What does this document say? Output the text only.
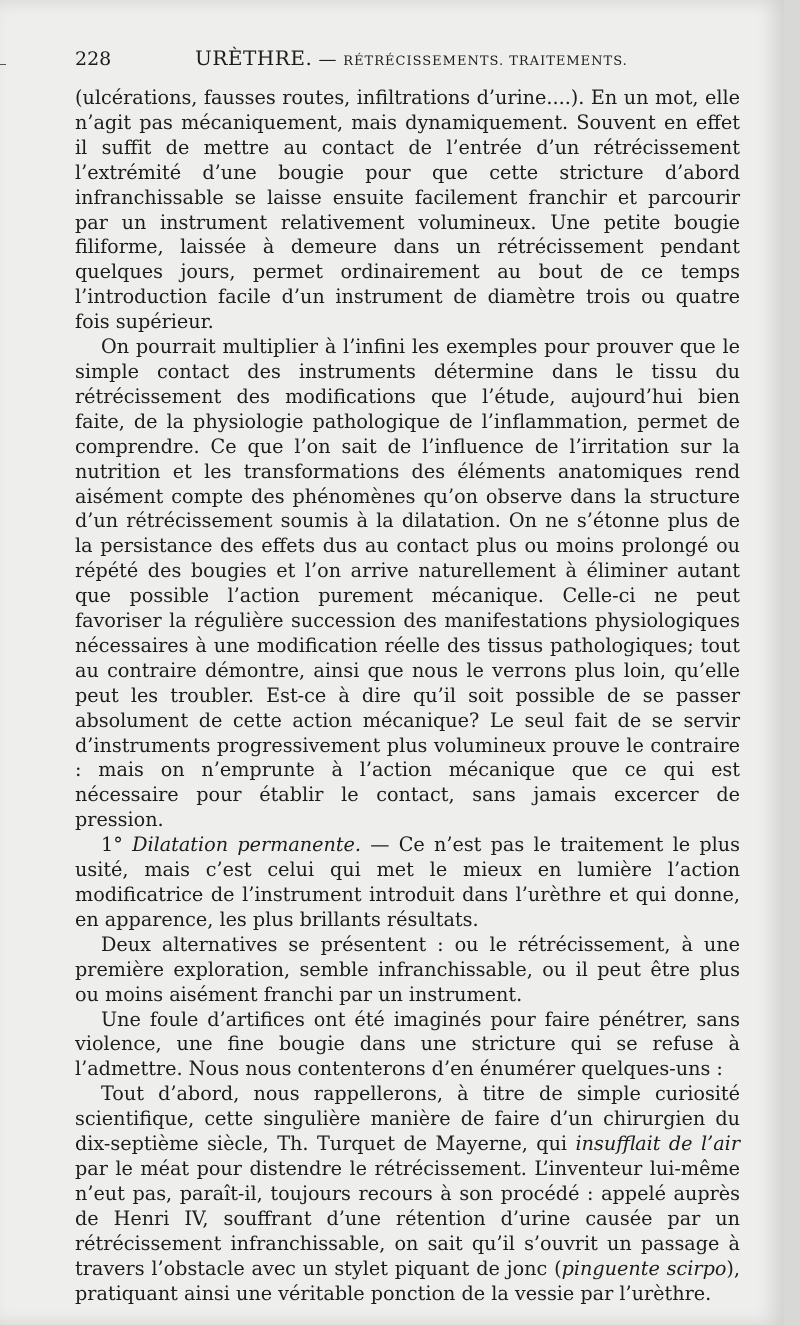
228	URÈTHRE. — RÉTRÉCISSEMENTS. TRAITEMENTS.

(ulcérations, fausses routes, infiltrations d’urine....). En un mot, elle n’agit pas mécaniquement, mais dynamiquement. Souvent en effet il suffit de mettre au contact de l’entrée d’un rétrécissement l’extrémité d’une bougie pour que cette stricture d’abord infranchissable se laisse ensuite facilement franchir et parcourir par un instrument relativement volumineux. Une petite bougie filiforme, laissée à demeure dans un rétrécissement pendant quelques jours, permet ordinairement au bout de ce temps l’introduction facile d’un instrument de diamètre trois ou quatre fois supérieur.

On pourrait multiplier à l’infini les exemples pour prouver que le simple contact des instruments détermine dans le tissu du rétrécissement des modifications que l’étude, aujourd’hui bien faite, de la physiologie pathologique de l’inflammation, permet de comprendre. Ce que l’on sait de l’influence de l’irritation sur la nutrition et les transformations des éléments anatomiques rend aisément compte des phénomènes qu’on observe dans la structure d’un rétrécissement soumis à la dilatation. On ne s’étonne plus de la persistance des effets dus au contact plus ou moins prolongé ou répété des bougies et l’on arrive naturellement à éliminer autant que possible l’action purement mécanique. Celle-ci ne peut favoriser la régulière succession des manifestations physiologiques nécessaires à une modification réelle des tissus pathologiques; tout au contraire démontre, ainsi que nous le verrons plus loin, qu’elle peut les troubler. Est-ce à dire qu’il soit possible de se passer absolument de cette action mécanique? Le seul fait de se servir d’instruments progressivement plus volumineux prouve le contraire : mais on n’emprunte à l’action mécanique que ce qui est nécessaire pour établir le contact, sans jamais excercer de pression.

1° Dilatation permanente. — Ce n’est pas le traitement le plus usité, mais c’est celui qui met le mieux en lumière l’action modificatrice de l’instrument introduit dans l’urèthre et qui donne, en apparence, les plus brillants résultats.

Deux alternatives se présentent : ou le rétrécissement, à une première exploration, semble infranchissable, ou il peut être plus ou moins aisément franchi par un instrument.

Une foule d’artifices ont été imaginés pour faire pénétrer, sans violence, une fine bougie dans une stricture qui se refuse à l’admettre. Nous nous contenterons d’en énumérer quelques-uns :

Tout d’abord, nous rappellerons, à titre de simple curiosité scientifique, cette singulière manière de faire d’un chirurgien du dix-septième siècle, Th. Turquet de Mayerne, qui insufflait de l’air par le méat pour distendre le rétrécissement. L’inventeur lui-même n’eut pas, paraît-il, toujours recours à son procédé : appelé auprès de Henri IV, souffrant d’une rétention d’urine causée par un rétrécissement infranchissable, on sait qu’il s’ouvrit un passage à travers l’obstacle avec un stylet piquant de jonc (pinguente scirpo), pratiquant ainsi une véritable ponction de la vessie par l’urèthre.
